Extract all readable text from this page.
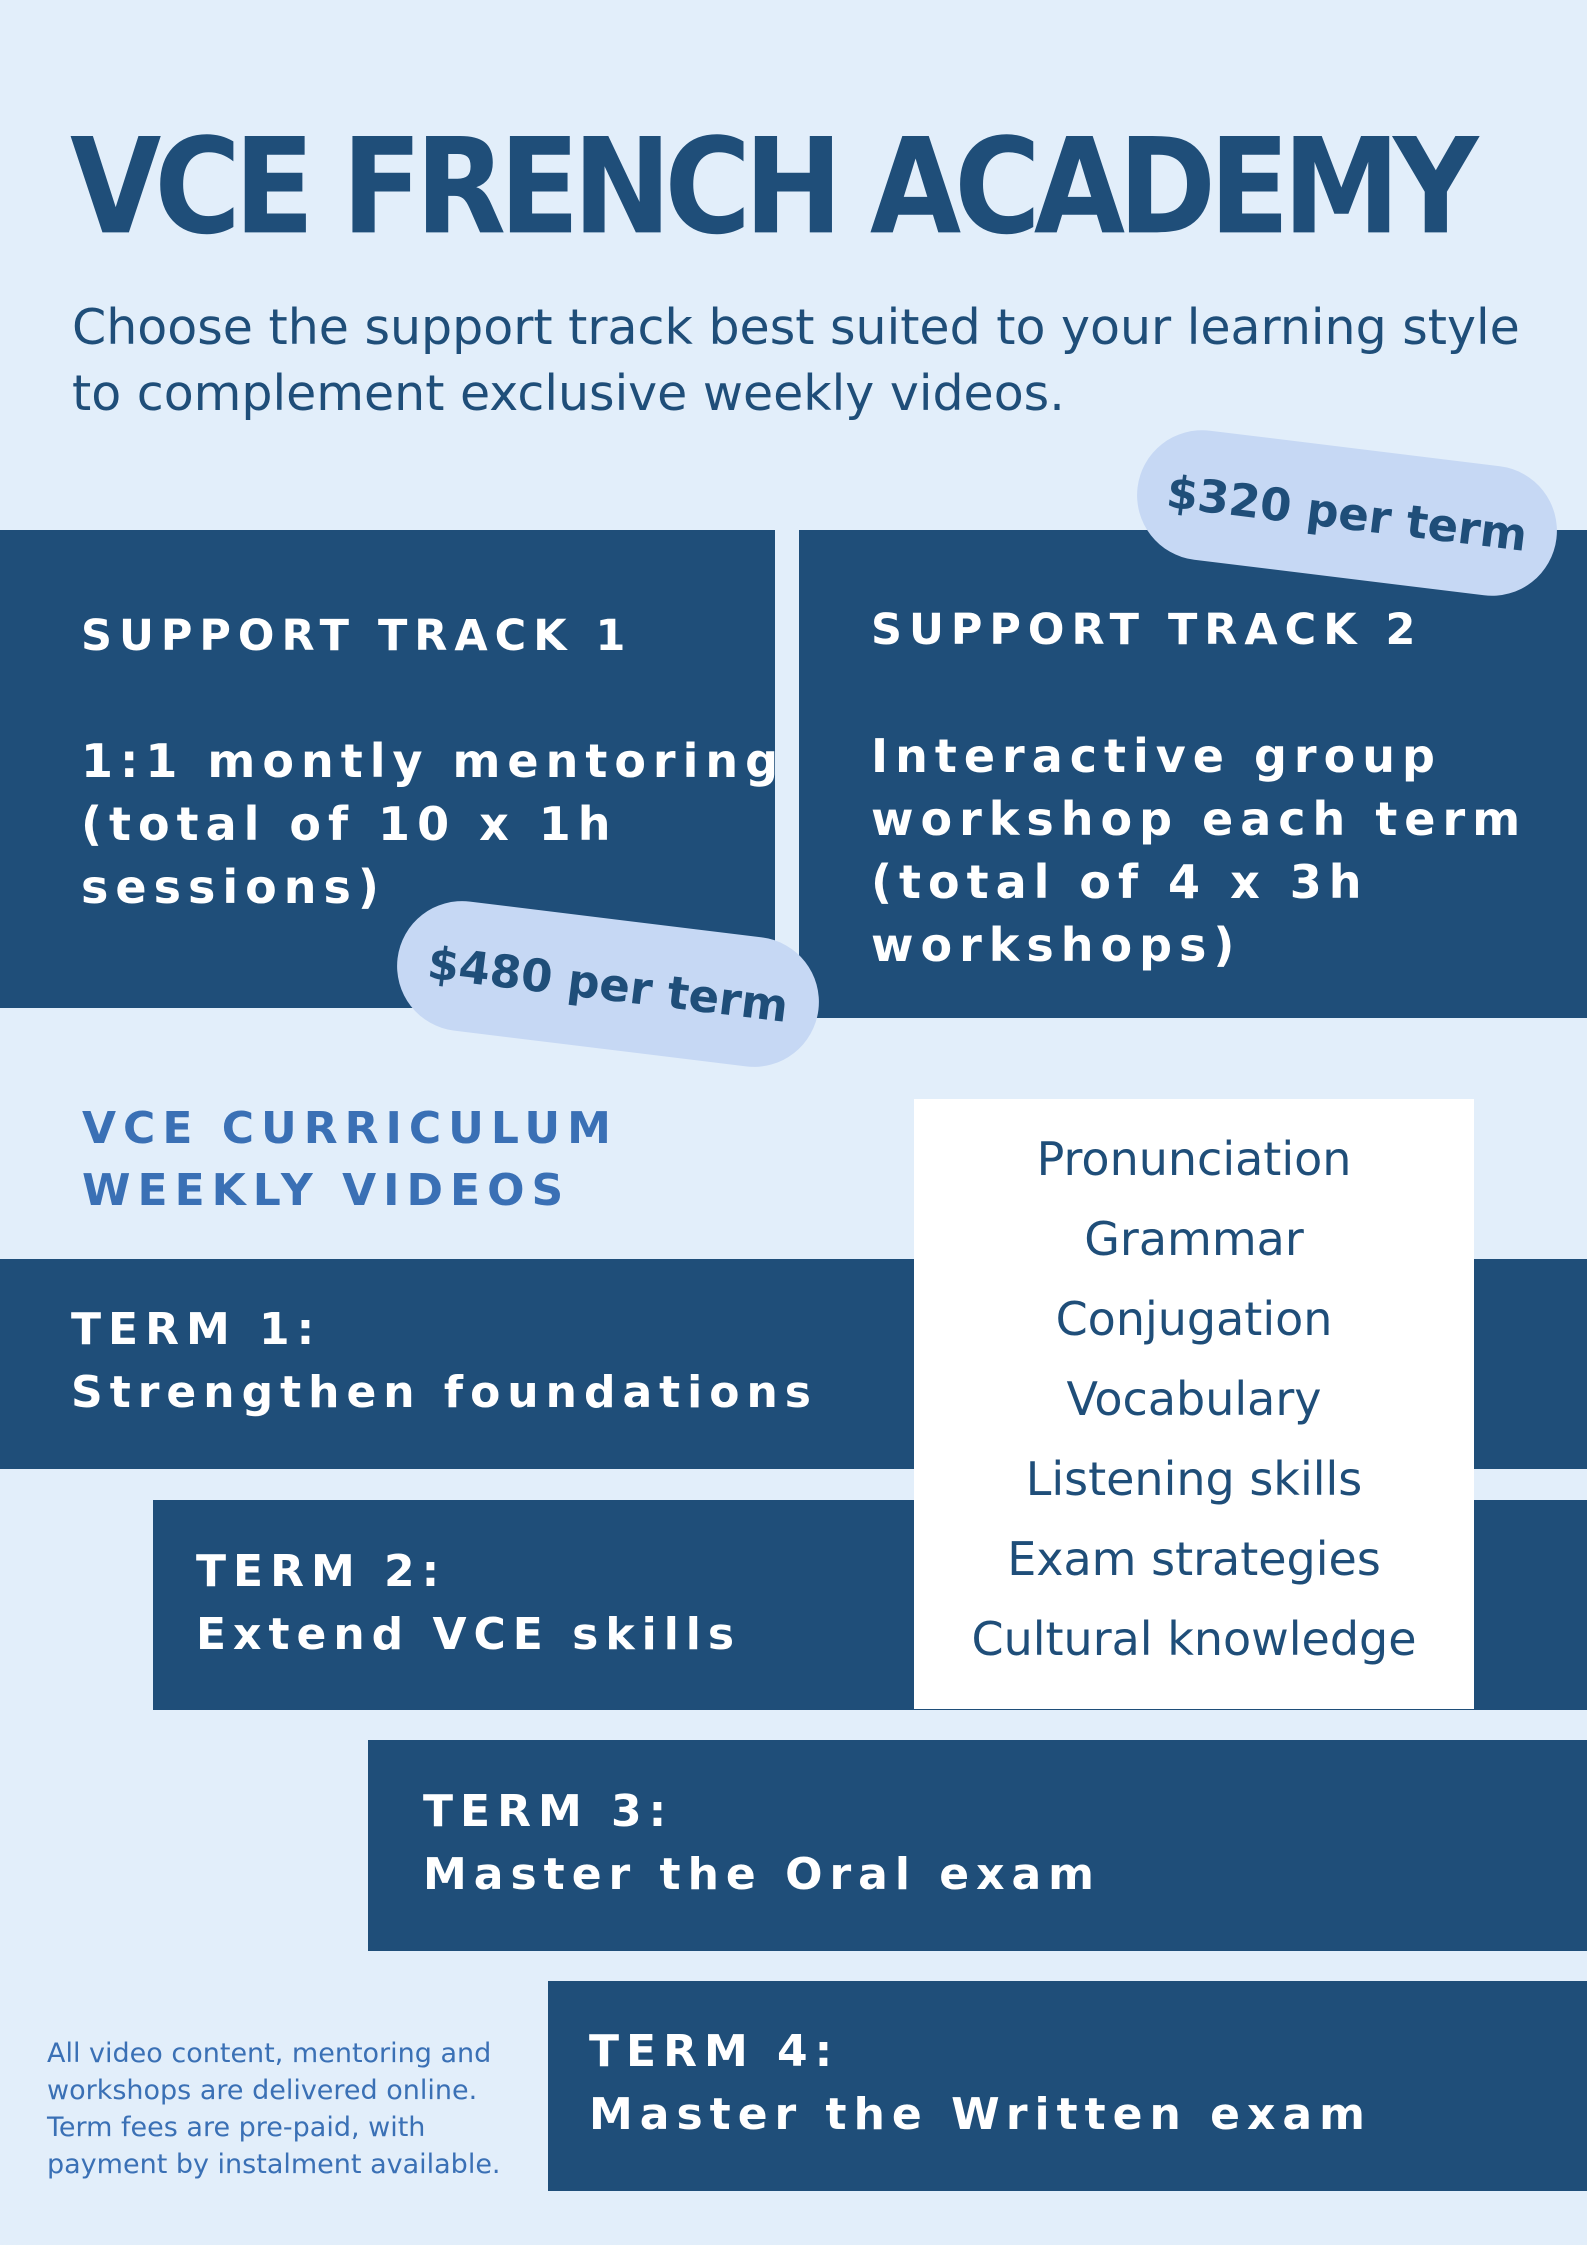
VCE FRENCH ACADEMY

Choose the support track best suited to your learning style to complement exclusive weekly videos.

SUPPORT TRACK 1

1:1 montly mentoring
(total of 10 x 1h
sessions)

SUPPORT TRACK 2

Interactive group
workshop each term
(total of 4 x 3h
workshops)

$320 per term
$480 per term

VCE CURRICULUM
WEEKLY VIDEOS

TERM 1:
Strengthen foundations

TERM 2:
Extend VCE skills

TERM 3:
Master the Oral exam

TERM 4:
Master the Written exam

Pronunciation
Grammar
Conjugation
Vocabulary
Listening skills
Exam strategies
Cultural knowledge

All video content, mentoring and workshops are delivered online. Term fees are pre-paid, with payment by instalment available.
